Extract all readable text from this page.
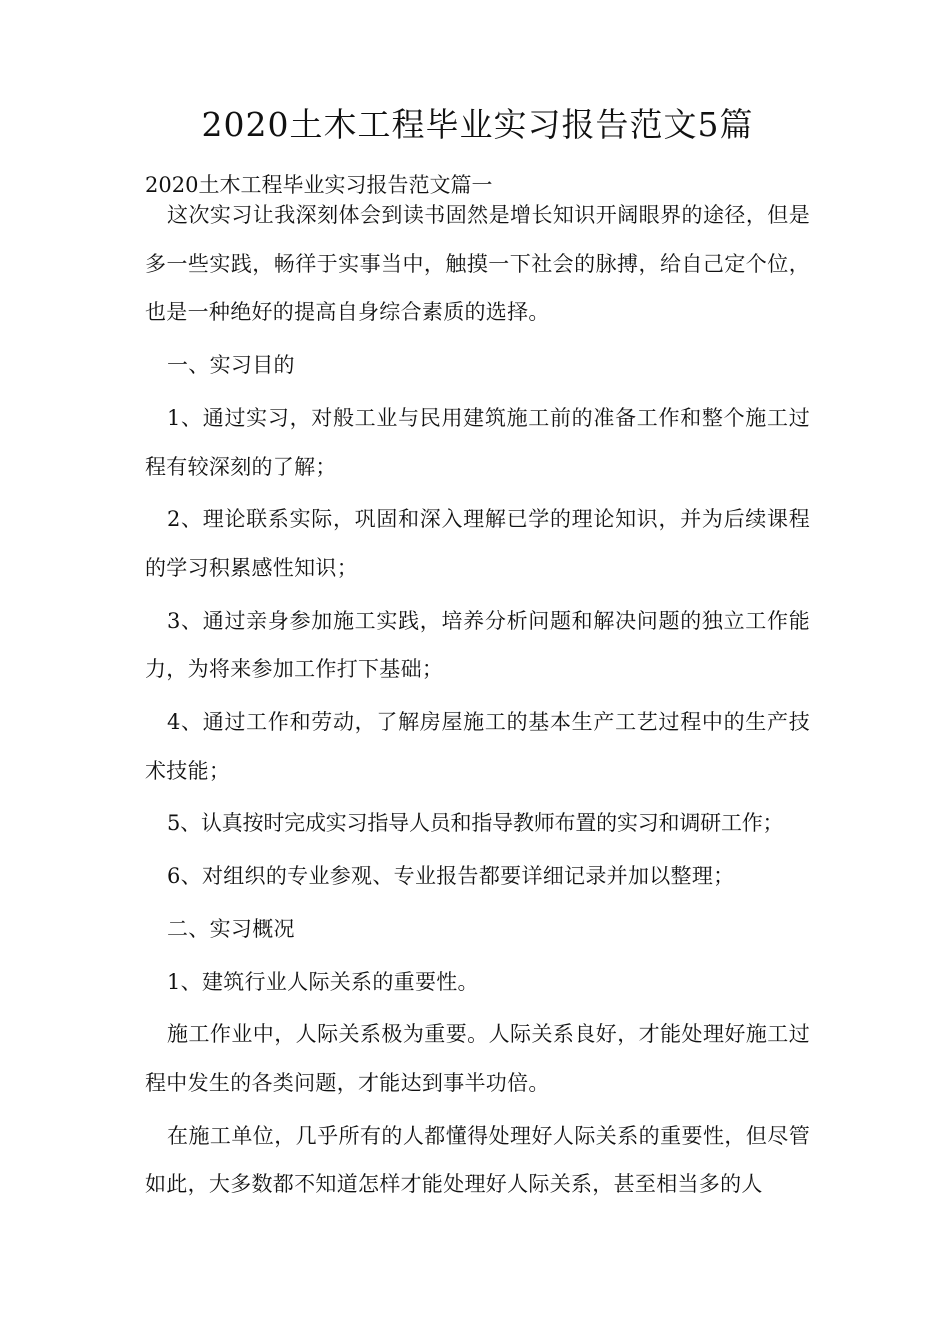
2020土木工程毕业实习报告范文5篇
2020土木工程毕业实习报告范文篇一

这次实习让我深刻体会到读书固然是增长知识开阔眼界的途径，但是多一些实践，畅徉于实事当中，触摸一下社会的脉搏，给自己定个位，也是一种绝好的提高自身综合素质的选择。

一、实习目的

1、通过实习，对般工业与民用建筑施工前的准备工作和整个施工过程有较深刻的了解；

2、理论联系实际，巩固和深入理解已学的理论知识，并为后续课程的学习积累感性知识；

3、通过亲身参加施工实践，培养分析问题和解决问题的独立工作能力，为将来参加工作打下基础；

4、通过工作和劳动，了解房屋施工的基本生产工艺过程中的生产技术技能；

5、认真按时完成实习指导人员和指导教师布置的实习和调研工作；

6、对组织的专业参观、专业报告都要详细记录并加以整理；

二、实习概况

1、建筑行业人际关系的重要性。

施工作业中，人际关系极为重要。人际关系良好，才能处理好施工过程中发生的各类问题，才能达到事半功倍。

在施工单位，几乎所有的人都懂得处理好人际关系的重要性，但尽管如此，大多数都不知道怎样才能处理好人际关系，甚至相当多的人
